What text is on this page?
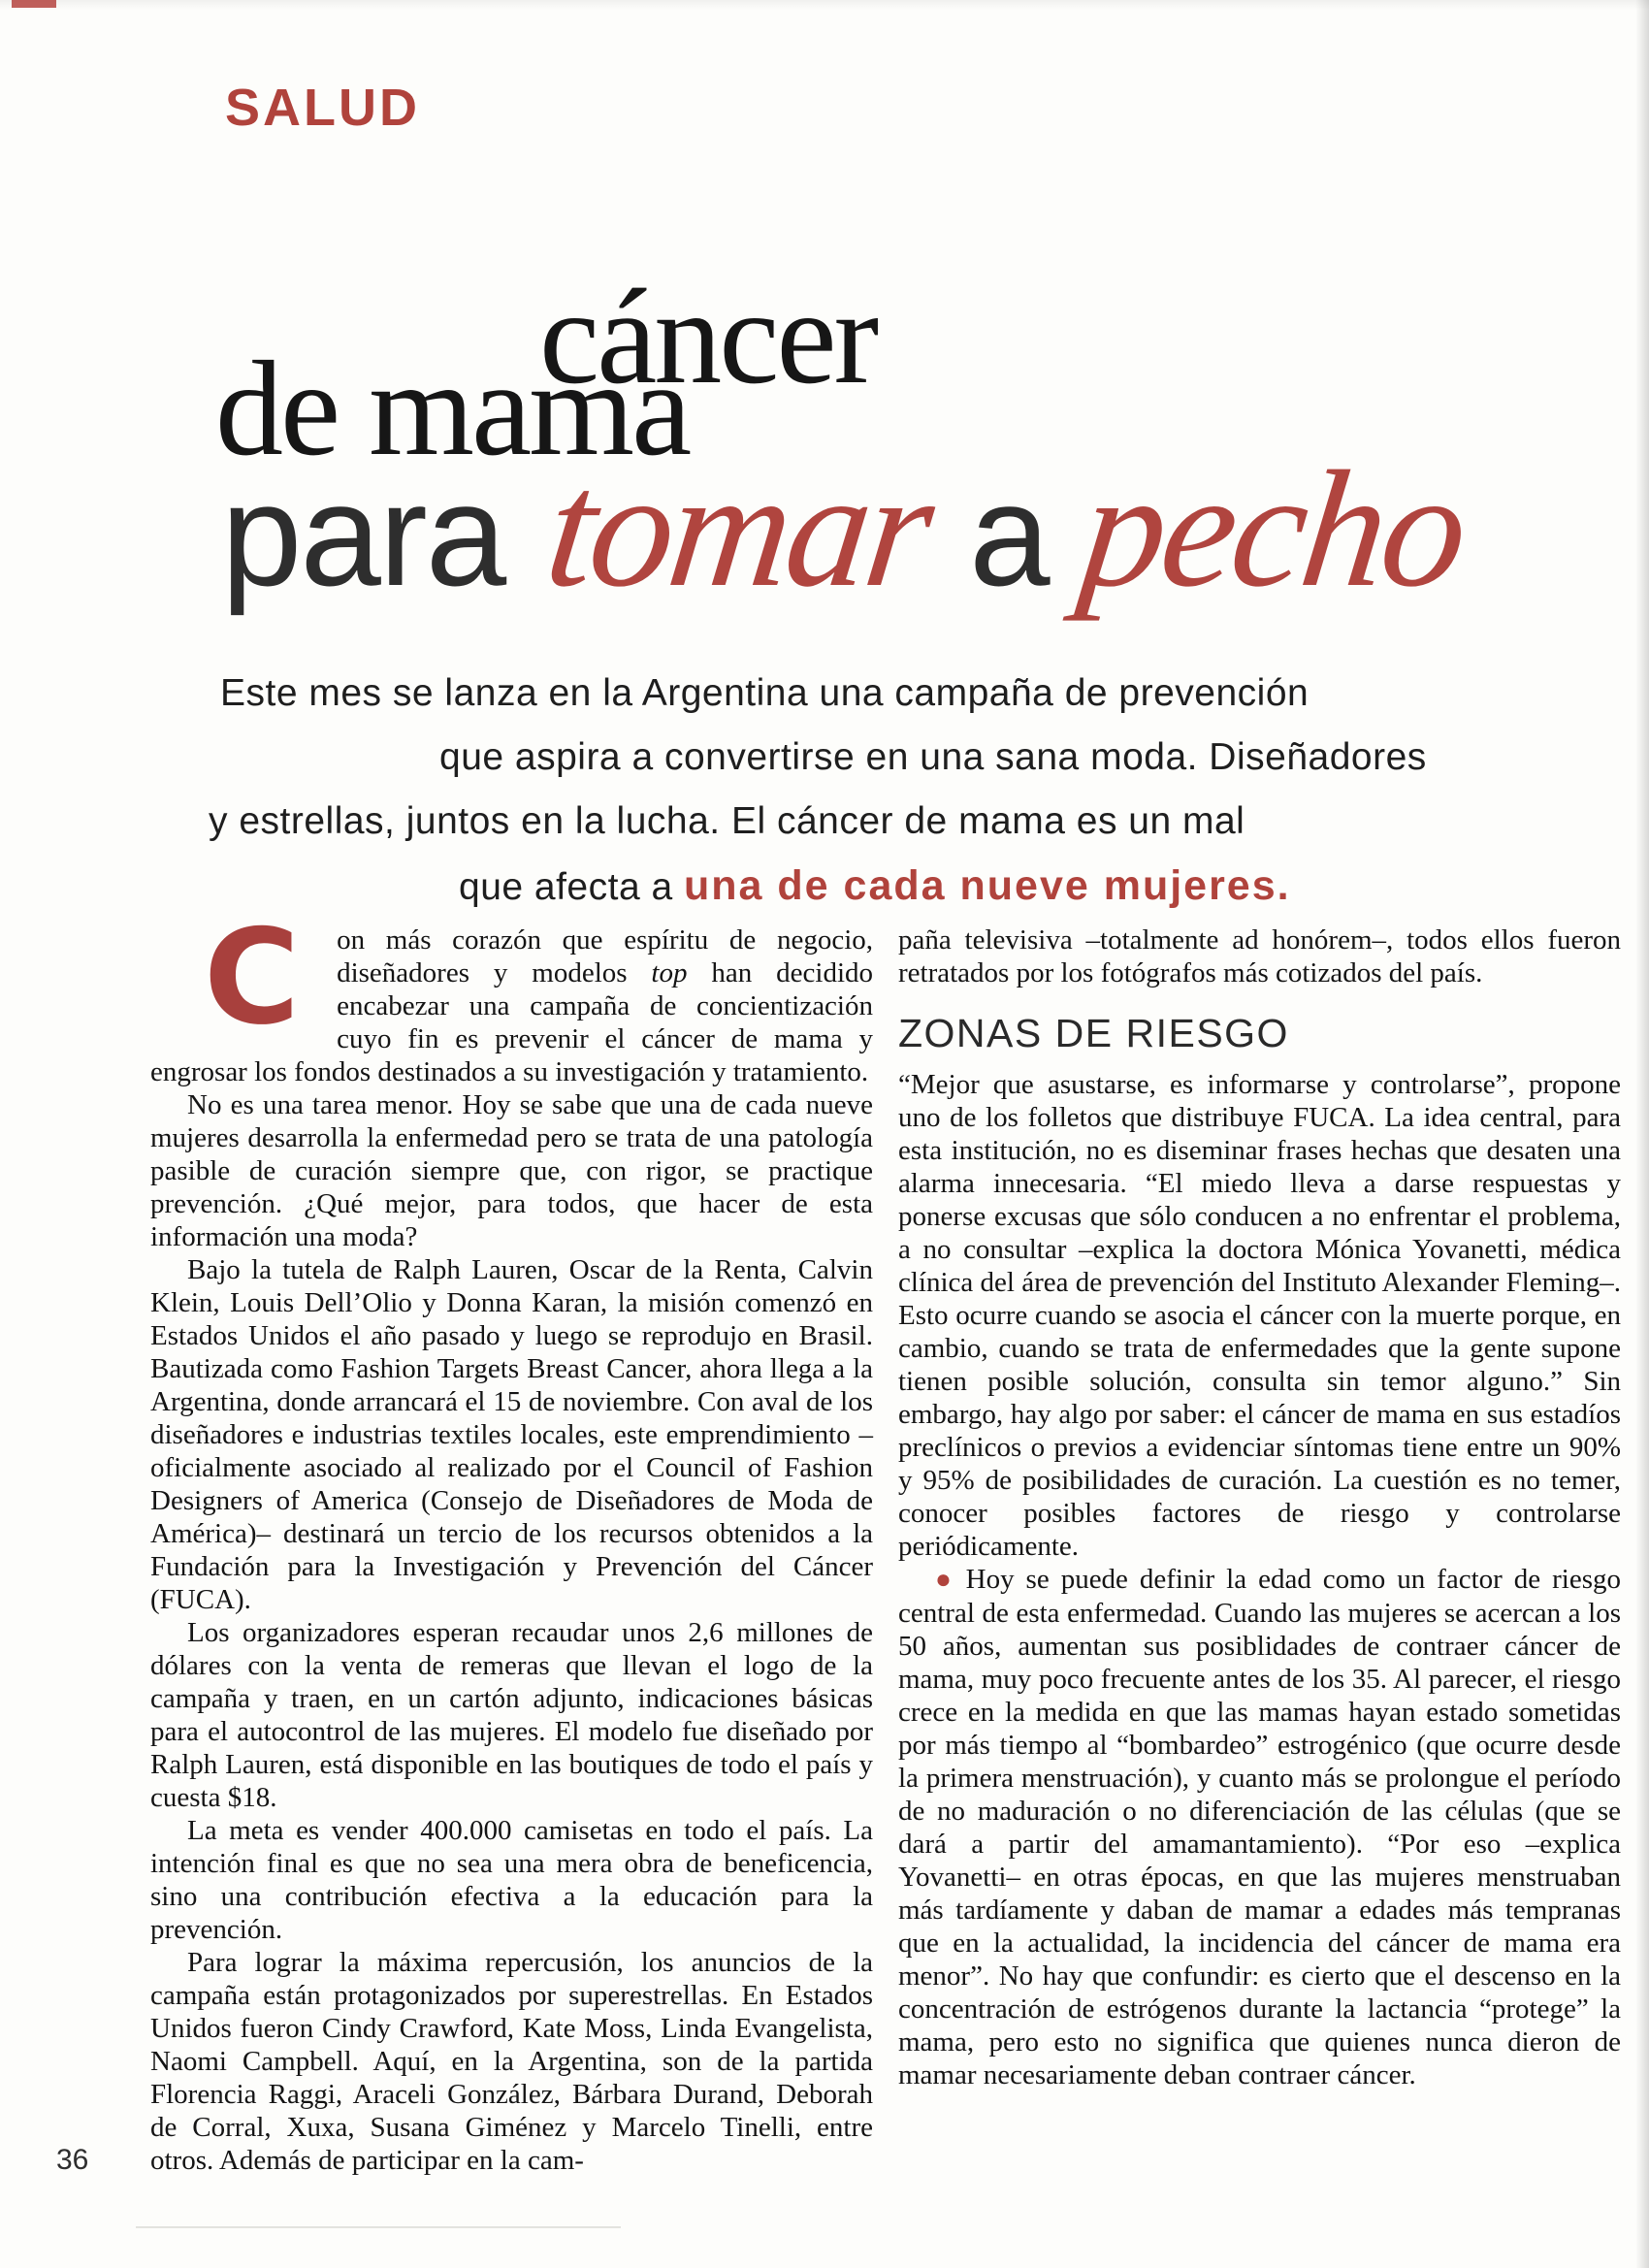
SALUD
cáncer
de mama
para tomar a pecho
Este mes se lanza en la Argentina una campaña de prevención
que aspira a convertirse en una sana moda. Diseñadores
y estrellas, juntos en la lucha. El cáncer de mama es un mal
que afecta a una de cada nueve mujeres.

C on más corazón que espíritu de negocio, diseñadores y modelos top han decidido encabezar una campaña de concientización cuyo fin es prevenir el cáncer de mama y engrosar los fondos destinados a su investigación y tratamiento.

No es una tarea menor. Hoy se sabe que una de cada nueve mujeres desarrolla la enfermedad pero se trata de una patología pasible de curación siempre que, con rigor, se practique prevención. ¿Qué mejor, para todos, que hacer de esta información una moda?

Bajo la tutela de Ralph Lauren, Oscar de la Renta, Calvin Klein, Louis Dell’Olio y Donna Karan, la misión comenzó en Estados Unidos el año pasado y luego se reprodujo en Brasil. Bautizada como Fashion Targets Breast Cancer, ahora llega a la Argentina, donde arrancará el 15 de noviembre. Con aval de los diseñadores e industrias textiles locales, este emprendimiento –oficialmente asociado al realizado por el Council of Fashion Designers of America (Consejo de Diseñadores de Moda de América)– destinará un tercio de los recursos obtenidos a la Fundación para la Investigación y Prevención del Cáncer (FUCA).

Los organizadores esperan recaudar unos 2,6 millones de dólares con la venta de remeras que llevan el logo de la campaña y traen, en un cartón adjunto, indicaciones básicas para el autocontrol de las mujeres. El modelo fue diseñado por Ralph Lauren, está disponible en las boutiques de todo el país y cuesta $18.

La meta es vender 400.000 camisetas en todo el país. La intención final es que no sea una mera obra de beneficencia, sino una contribución efectiva a la educación para la prevención.

Para lograr la máxima repercusión, los anuncios de la campaña están protagonizados por superestrellas. En Estados Unidos fueron Cindy Crawford, Kate Moss, Linda Evangelista, Naomi Campbell. Aquí, en la Argentina, son de la partida Florencia Raggi, Araceli González, Bárbara Durand, Deborah de Corral, Xuxa, Susana Giménez y Marcelo Tinelli, entre otros. Además de participar en la cam-

paña televisiva –totalmente ad honórem–, todos ellos fueron retratados por los fotógrafos más cotizados del país.

ZONAS DE RIESGO

“Mejor que asustarse, es informarse y controlarse”, propone uno de los folletos que distribuye FUCA. La idea central, para esta institución, no es diseminar frases hechas que desaten una alarma innecesaria. “El miedo lleva a darse respuestas y ponerse excusas que sólo conducen a no enfrentar el problema, a no consultar –explica la doctora Mónica Yovanetti, médica clínica del área de prevención del Instituto Alexander Fleming–. Esto ocurre cuando se asocia el cáncer con la muerte porque, en cambio, cuando se trata de enfermedades que la gente supone tienen posible solución, consulta sin temor alguno.” Sin embargo, hay algo por saber: el cáncer de mama en sus estadíos preclínicos o previos a evidenciar síntomas tiene entre un 90% y 95% de posibilidades de curación. La cuestión es no temer, conocer posibles factores de riesgo y controlarse periódicamente.

● Hoy se puede definir la edad como un factor de riesgo central de esta enfermedad. Cuando las mujeres se acercan a los 50 años, aumentan sus posiblidades de contraer cáncer de mama, muy poco frecuente antes de los 35. Al parecer, el riesgo crece en la medida en que las mamas hayan estado sometidas por más tiempo al “bombardeo” estrogénico (que ocurre desde la primera menstruación), y cuanto más se prolongue el período de no maduración o no diferenciación de las células (que se dará a partir del amamantamiento). “Por eso –explica Yovanetti– en otras épocas, en que las mujeres menstruaban más tardíamente y daban de mamar a edades más tempranas que en la actualidad, la incidencia del cáncer de mama era menor”. No hay que confundir: es cierto que el descenso en la concentración de estrógenos durante la lactancia “protege” la mama, pero esto no significa que quienes nunca dieron de mamar necesariamente deban contraer cáncer.

36
